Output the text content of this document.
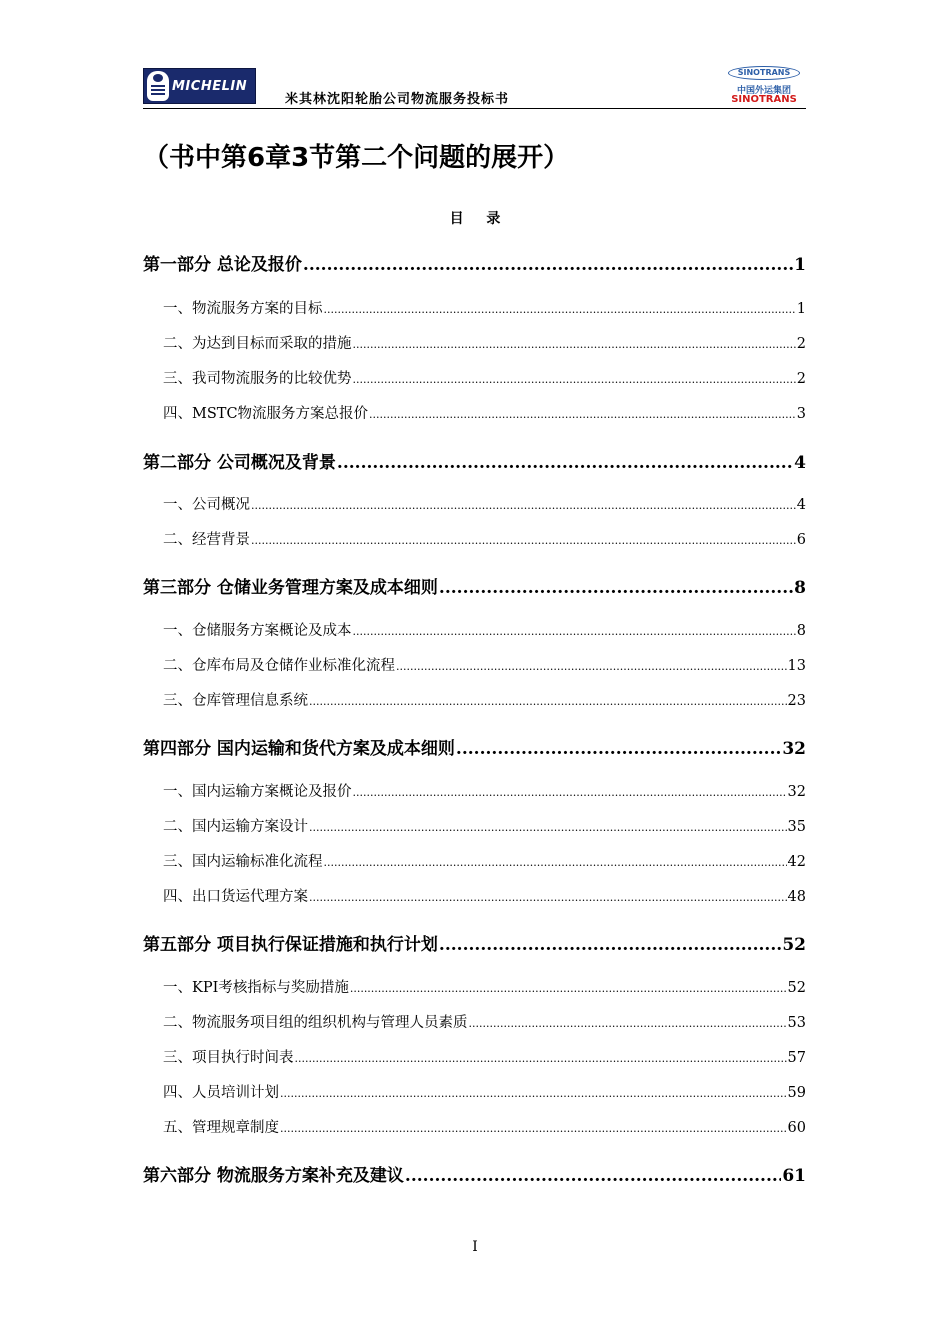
MICHELIN
米其林沈阳轮胎公司物流服务投标书
SINOTRANS
中国外运集团
SINOTRANS
（书中第6章3节第二个问题的展开）
目 录
第一部分 总论及报价 .....	1
一、物流服务方案的目标 .....	1
二、为达到目标而采取的措施 .....	2
三、我司物流服务的比较优势 .....	2
四、MSTC物流服务方案总报价 .....	3
第二部分 公司概况及背景 .....	4
一、公司概况 .....	4
二、经营背景 .....	6
第三部分 仓储业务管理方案及成本细则 .....	8
一、仓储服务方案概论及成本 .....	8
二、仓库布局及仓储作业标准化流程 .....	13
三、仓库管理信息系统 .....	23
第四部分 国内运输和货代方案及成本细则 .....	32
一、国内运输方案概论及报价 .....	32
二、国内运输方案设计 .....	35
三、国内运输标准化流程 .....	42
四、出口货运代理方案 .....	48
第五部分 项目执行保证措施和执行计划 .....	52
一、KPI考核指标与奖励措施 .....	52
二、物流服务项目组的组织机构与管理人员素质 .....	53
三、项目执行时间表 .....	57
四、人员培训计划 .....	59
五、管理规章制度 .....	60
第六部分 物流服务方案补充及建议 .....	61
I
